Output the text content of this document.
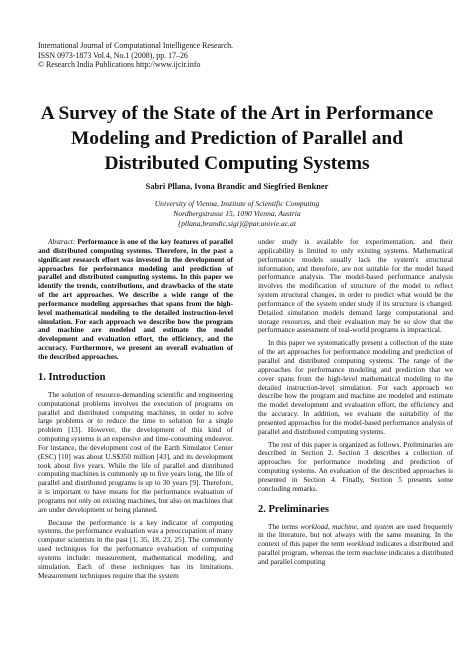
International Journal of Computational Intelligence Research.
ISSN 0973-1873 Vol.4, No.1 (2008), pp. 17–26
© Research India Publications http://www.ijcir.info
A Survey of the State of the Art in Performance Modeling and Prediction of Parallel and Distributed Computing Systems
Sabri Pllana, Ivona Brandic and Siegfried Benkner
University of Vienna, Institute of Scientific Computing
Nordbergstrasse 15, 1090 Vienna, Austria
{pllana,brandic,sigi}@par.univie.ac.at

Abstract: Performance is one of the key features of parallel and distributed computing systems. Therefore, in the past a significant research effort was invested in the development of approaches for performance modeling and prediction of parallel and distributed computing systems. In this paper we identify the trends, contributions, and drawbacks of the state of the art approaches. We describe a wide range of the performance modeling approaches that spans from the high-level mathematical modeling to the detailed instruction-level simulation. For each approach we describe how the program and machine are modeled and estimate the model development and evaluation effort, the efficiency, and the accuracy. Furthermore, we present an overall evaluation of the described approaches.

1. Introduction

The solution of resource-demanding scientific and engineering computational problems involves the execution of programs on parallel and distributed computing machines, in order to solve large problems or to reduce the time to solution for a single problem [13]. However, the development of this kind of computing systems is an expensive and time-consuming endeavor. For instance, the development cost of the Earth Simulator Center (ESC) [10] was about U.S$350 million [43], and its development took about five years. While the life of parallel and distributed computing machines is commonly up to five years long, the life of parallel and distributed programs is up to 30 years [9]. Therefore, it is important to have means for the performance evaluation of programs not only on existing machines, but also on machines that are under development or being planned.

Because the performance is a key indicator of computing systems, the performance evaluation was a preoccupation of many computer scientists in the past [1, 35, 18, 23, 25]. The commonly used techniques for the performance evaluation of computing systems include: measurement, mathematical modeling, and simulation. Each of these techniques has its limitations. Measurement techniques require that the system

under study is available for experimentation, and their applicability is limited to only existing systems. Mathematical performance models usually lack the system's structural information, and therefore, are not suitable for the model based performance analysis. The model-based performance analysis involves the modification of structure of the model to reflect system structural changes, in order to predict what would be the performance of the system under study if its structure is changed. Detailed simulation models demand large computational and storage resources, and their evaluation may be so slow that the performance assessment of real-world programs is impractical.

In this paper we systematically present a collection of the state of the art approaches for performance modeling and prediction of parallel and distributed computing systems. The range of the approaches for performance modeling and prediction that we cover spans from the high-level mathematical modeling to the detailed instruction-level simulation. For each approach we describe how the program and machine are modeled and estimate the model development and evaluation effort, the efficiency and the accuracy. In addition, we evaluate the suitability of the presented approaches for the model-based performance analysis of parallel and distributed computing systems.

The rest of this paper is organized as follows. Preliminaries are described in Section 2. Section 3 describes a collection of approaches for performance modeling and prediction of computing systems. An evaluation of the described approaches is presented in Section 4. Finally, Section 5 presents some concluding remarks.

2. Preliminaries

The terms workload, machine, and system are used frequently in the literature, but not always with the same meaning. In the context of this paper the term workload indicates a distributed and parallel program, whereas the term machine indicates a distributed and parallel computing
